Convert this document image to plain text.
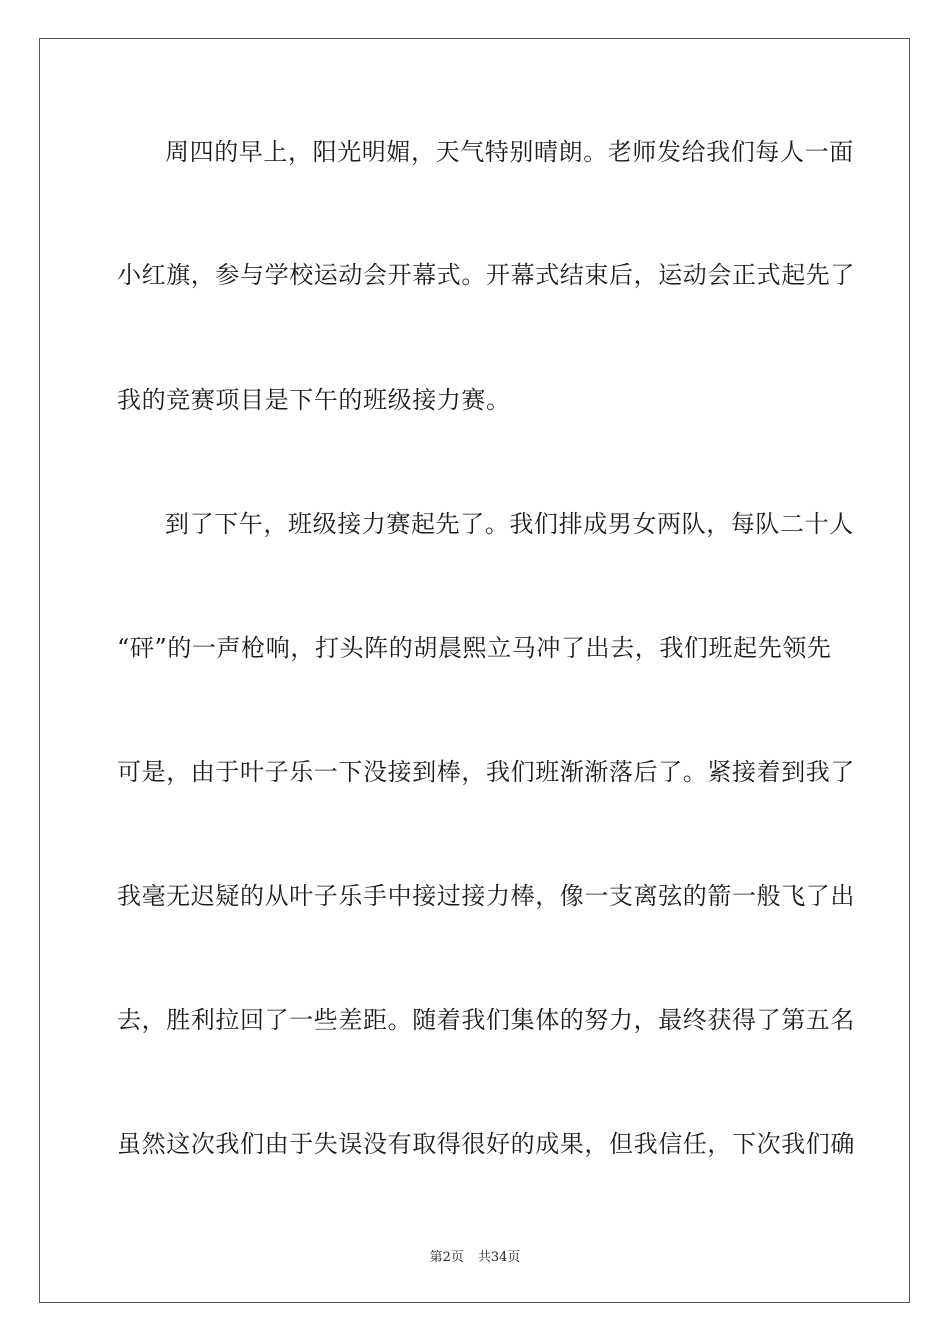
周四的早上，阳光明媚，天气特别晴朗。老师发给我们每人一面
小红旗，参与学校运动会开幕式。开幕式结束后，运动会正式起先了
我的竞赛项目是下午的班级接力赛。
到了下午，班级接力赛起先了。我们排成男女两队，每队二十人
“砰”的一声枪响，打头阵的胡晨熙立马冲了出去，我们班起先领先
可是，由于叶子乐一下没接到棒，我们班渐渐落后了。紧接着到我了
我毫无迟疑的从叶子乐手中接过接力棒，像一支离弦的箭一般飞了出
去，胜利拉回了一些差距。随着我们集体的努力，最终获得了第五名
虽然这次我们由于失误没有取得很好的成果，但我信任，下次我们确
第2页 共34页
